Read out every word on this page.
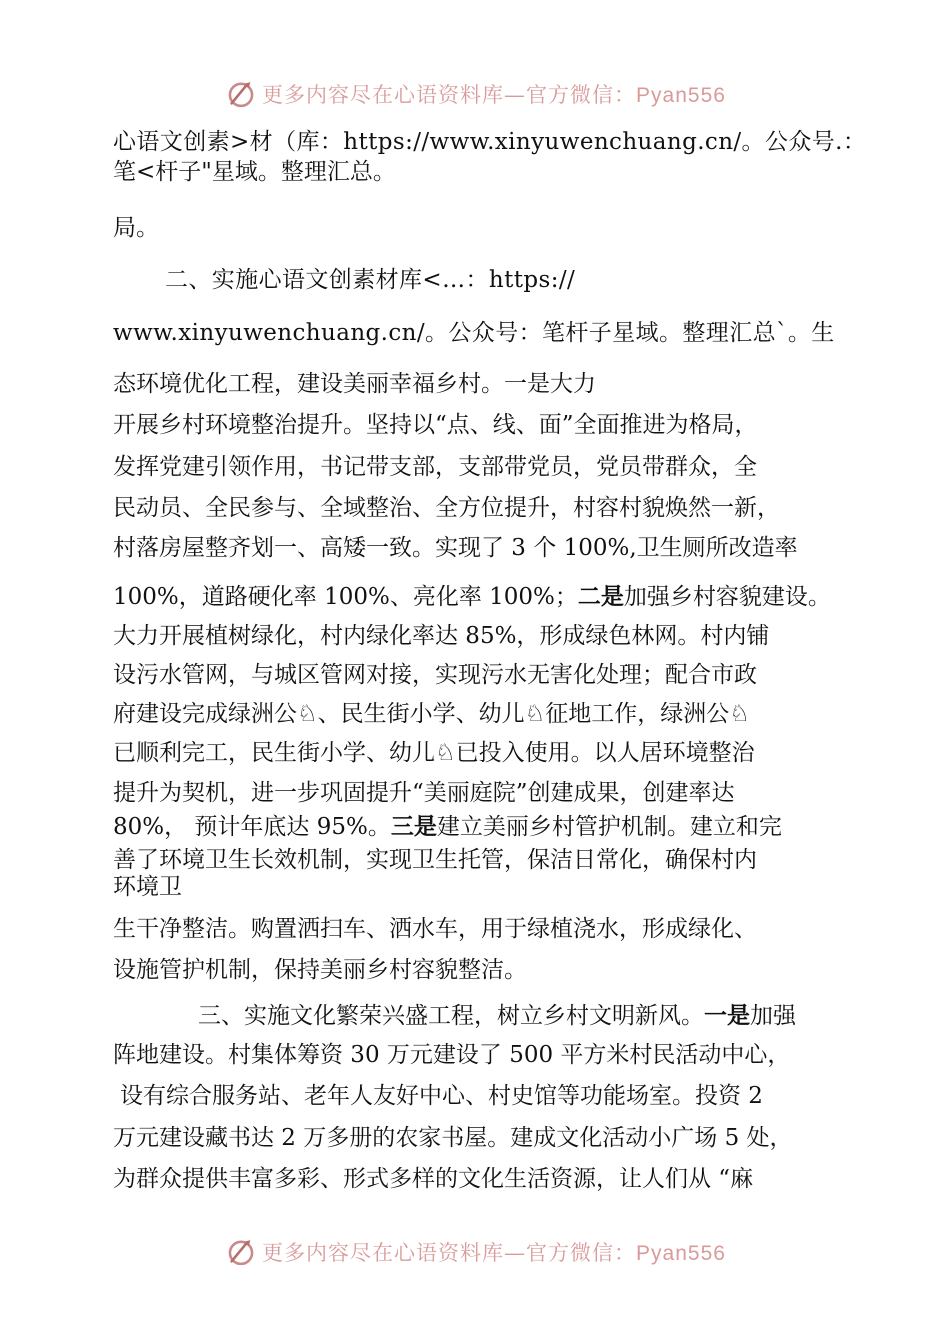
更多内容尽在心语资料库—官方微信：Pyan556
心语文创素>材（库：https://www.xinyuwenchuang.cn/。公众号.：
笔<杆子"星域。整理汇总。
局。
二、实施心语文创素材库<…：https://
www.xinyuwenchuang.cn/。公众号：笔杆子星域。整理汇总`。生
态环境优化工程，建设美丽幸福乡村。一是大力
开展乡村环境整治提升。坚持以“点、线、面”全面推进为格局，
发挥党建引领作用，书记带支部，支部带党员，党员带群众，全
民动员、全民参与、全域整治、全方位提升，村容村貌焕然一新，
村落房屋整齐划一、高矮一致。实现了 3 个 100%,卫生厕所改造率
100%，道路硬化率 100%、亮化率 100%；二是加强乡村容貌建设。
大力开展植树绿化，村内绿化率达 85%，形成绿色林网。村内铺
设污水管网，与城区管网对接，实现污水无害化处理；配合市政
府建设完成绿洲公♘、民生街小学、幼儿♘征地工作，绿洲公♘
已顺利完工，民生街小学、幼儿♘已投入使用。以人居环境整治
提升为契机，进一步巩固提升“美丽庭院”创建成果，创建率达
80%， 预计年底达 95%。三是建立美丽乡村管护机制。建立和完
善了环境卫生长效机制，实现卫生托管，保洁日常化，确保村内
环境卫
生干净整洁。购置洒扫车、洒水车，用于绿植浇水，形成绿化、
设施管护机制，保持美丽乡村容貌整洁。
三、实施文化繁荣兴盛工程，树立乡村文明新风。一是加强
阵地建设。村集体筹资 30 万元建设了 500 平方米村民活动中心，
设有综合服务站、老年人友好中心、村史馆等功能场室。投资 2
万元建设藏书达 2 万多册的农家书屋。建成文化活动小广场 5 处，
为群众提供丰富多彩、形式多样的文化生活资源，让人们从 “麻
更多内容尽在心语资料库—官方微信：Pyan556
